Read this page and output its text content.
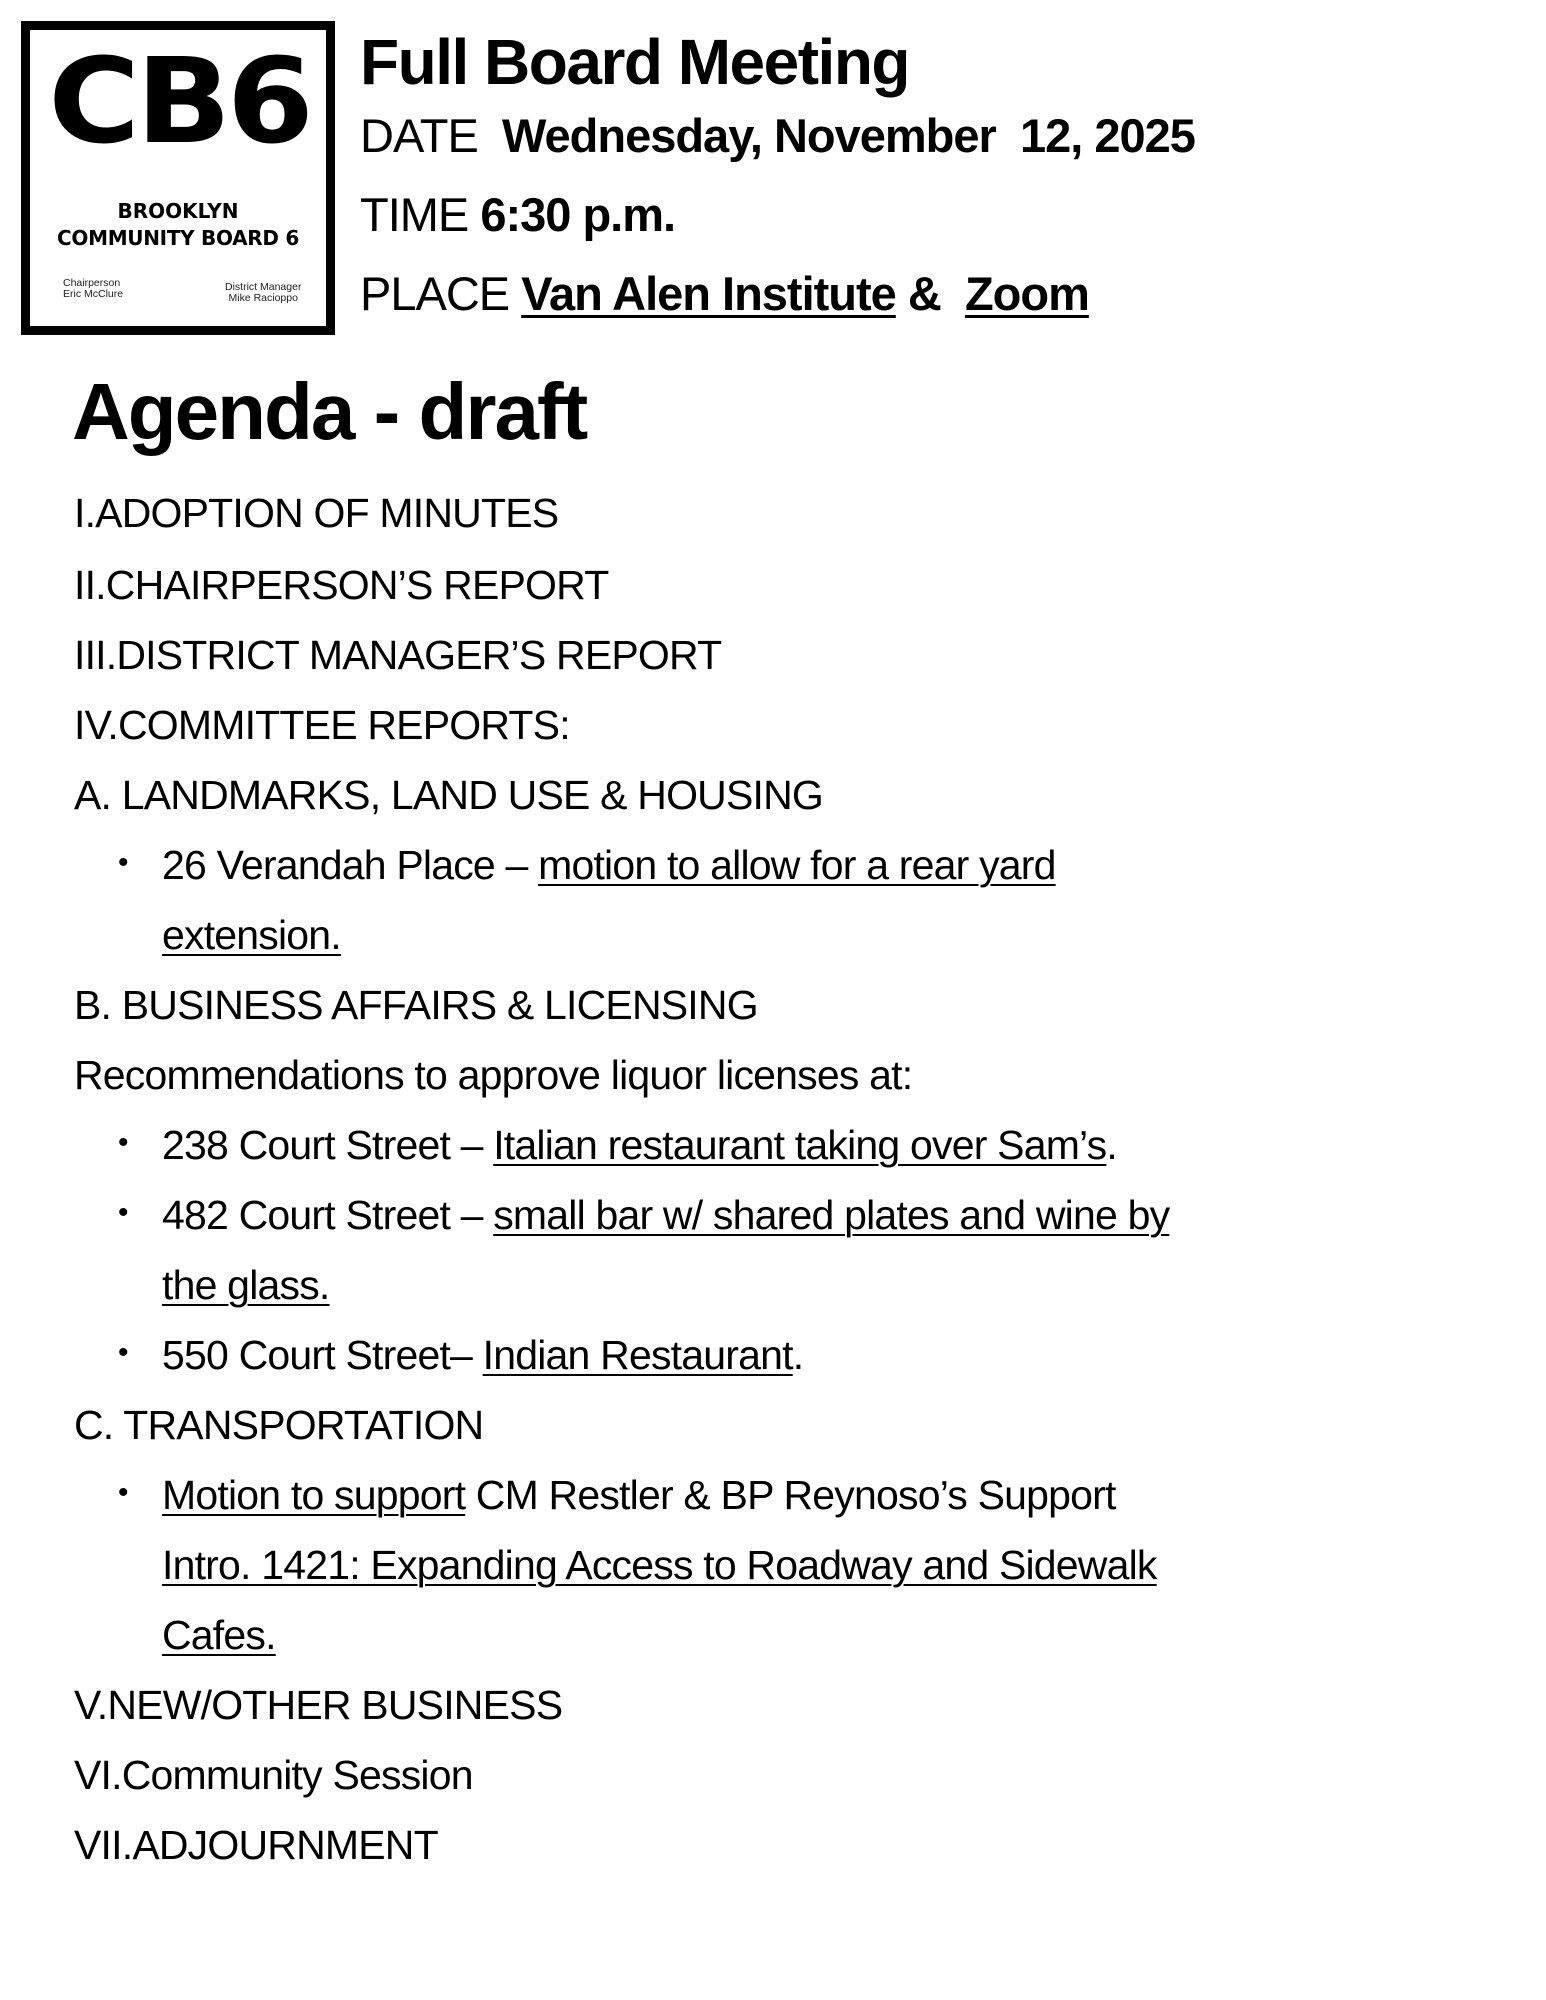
CB6
BROOKLYN
COMMUNITY BOARD 6
Chairperson
Eric McClure
District Manager
Mike Racioppo
Full Board Meeting
DATE Wednesday, November  12, 2025
TIME 6:30 p.m.
PLACE Van Alen Institute & Zoom
Agenda - draft
I.ADOPTION OF MINUTES
II.CHAIRPERSON’S REPORT
III.DISTRICT MANAGER’S REPORT
IV.COMMITTEE REPORTS:
A. LANDMARKS, LAND USE & HOUSING
• 26 Verandah Place – motion to allow for a rear yard
extension.
B. BUSINESS AFFAIRS & LICENSING
Recommendations to approve liquor licenses at:
• 238 Court Street – Italian restaurant taking over Sam’s.
• 482 Court Street – small bar w/ shared plates and wine by
the glass.
• 550 Court Street– Indian Restaurant.
C. TRANSPORTATION
• Motion to support CM Restler & BP Reynoso’s Support
Intro. 1421: Expanding Access to Roadway and Sidewalk
Cafes.
V.NEW/OTHER BUSINESS
VI.Community Session
VII.ADJOURNMENT
